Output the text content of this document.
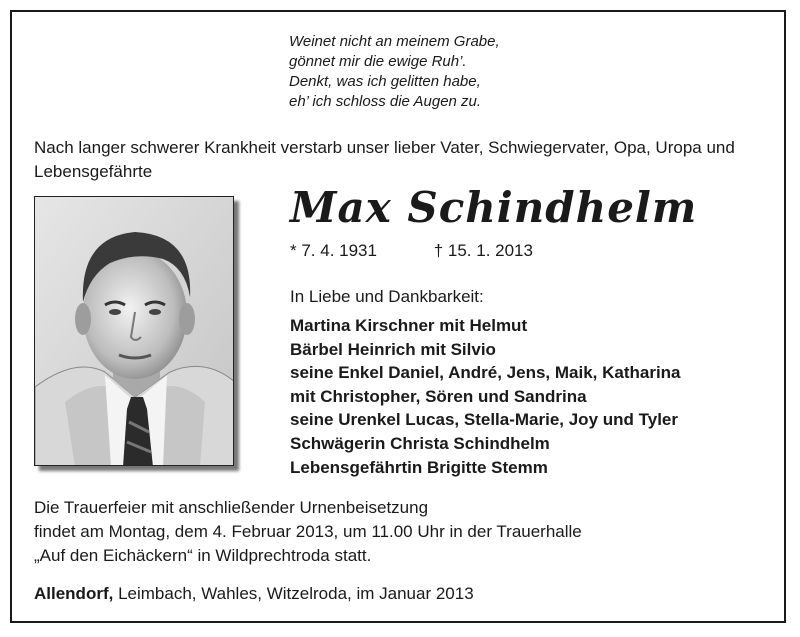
Weinet nicht an meinem Grabe,
gönnet mir die ewige Ruh’.
Denkt, was ich gelitten habe,
eh’ ich schloss die Augen zu.
Nach langer schwerer Krankheit verstarb unser lieber Vater, Schwiegervater, Opa, Uropa und Lebensgefährte
Max Schindhelm
* 7. 4. 1931	† 15. 1. 2013
In Liebe und Dankbarkeit:
Martina Kirschner mit Helmut
Bärbel Heinrich mit Silvio
seine Enkel Daniel, André, Jens, Maik, Katharina
mit Christopher, Sören und Sandrina
seine Urenkel Lucas, Stella-Marie, Joy und Tyler
Schwägerin Christa Schindhelm
Lebensgefährtin Brigitte Stemm
Die Trauerfeier mit anschließender Urnenbeisetzung
findet am Montag, dem 4. Februar 2013, um 11.00 Uhr in der Trauerhalle
„Auf den Eichäckern“ in Wildprechtroda statt.
Allendorf, Leimbach, Wahles, Witzelroda, im Januar 2013
